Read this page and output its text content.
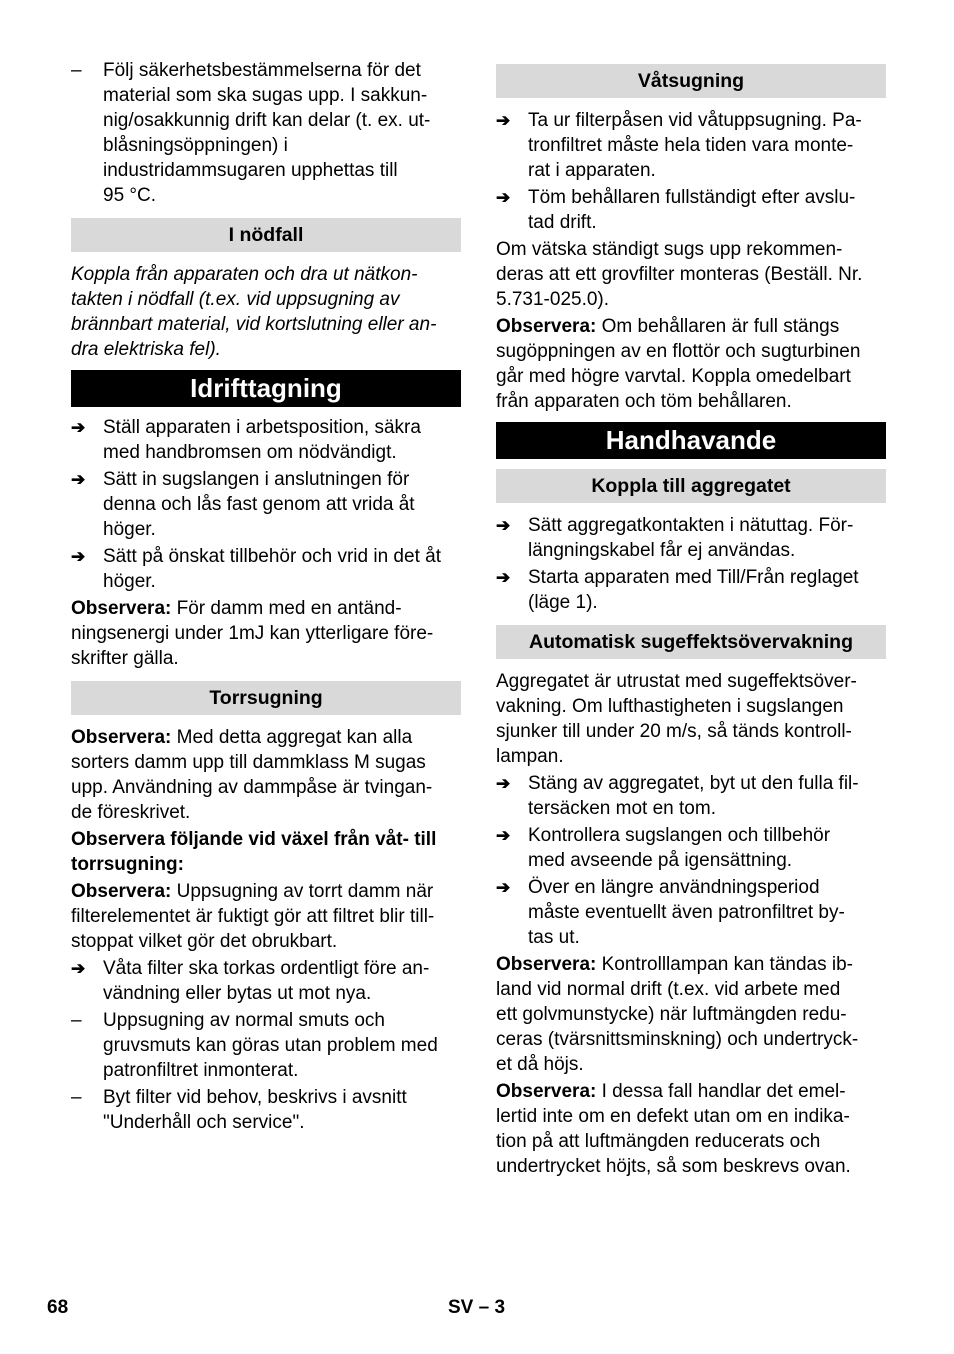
–	Följ säkerhetsbestämmelserna för det
material som ska sugas upp. I sakkun-
nig/osakkunnig drift kan delar (t. ex. ut-
blåsningsöppningen) i
industridammsugaren upphettas till
95 °C.
I nödfall
Koppla från apparaten och dra ut nätkon-
takten i nödfall (t.ex. vid uppsugning av
brännbart material, vid kortslutning eller an-
dra elektriska fel).
Idrifttagning
➔ Ställ apparaten i arbetsposition, säkra
med handbromsen om nödvändigt.
➔ Sätt in sugslangen i anslutningen för
denna och lås fast genom att vrida åt
höger.
➔ Sätt på önskat tillbehör och vrid in det åt
höger.
Observera: För damm med en antänd-
ningsenergi under 1mJ kan ytterligare före-
skrifter gälla.
Torrsugning
Observera: Med detta aggregat kan alla
sorters damm upp till dammklass M sugas
upp. Användning av dammpåse är tvingan-
de föreskrivet.
Observera följande vid växel från våt- till
torrsugning:
Observera: Uppsugning av torrt damm när
filterelementet är fuktigt gör att filtret blir till-
stoppat vilket gör det obrukbart.
➔ Våta filter ska torkas ordentligt före an-
vändning eller bytas ut mot nya.
–	Uppsugning av normal smuts och
gruvsmuts kan göras utan problem med
patronfiltret inmonterat.
–	Byt filter vid behov, beskrivs i avsnitt
"Underhåll och service".
Våtsugning
➔ Ta ur filterpåsen vid våtuppsugning. Pa-
tronfiltret måste hela tiden vara monte-
rat i apparaten.
➔ Töm behållaren fullständigt efter avslu-
tad drift.
Om vätska ständigt sugs upp rekommen-
deras att ett grovfilter monteras (Beställ. Nr.
5.731-025.0).
Observera: Om behållaren är full stängs
sugöppningen av en flottör och sugturbinen
går med högre varvtal. Koppla omedelbart
från apparaten och töm behållaren.
Handhavande
Koppla till aggregatet
➔ Sätt aggregatkontakten i nätuttag. För-
längningskabel får ej användas.
➔ Starta apparaten med Till/Från reglaget
(läge 1).
Automatisk sugeffektsövervakning
Aggregatet är utrustat med sugeffektsöver-
vakning. Om lufthastigheten i sugslangen
sjunker till under 20 m/s, så tänds kontroll-
lampan.
➔ Stäng av aggregatet, byt ut den fulla fil-
tersäcken mot en tom.
➔ Kontrollera sugslangen och tillbehör
med avseende på igensättning.
➔ Över en längre användningsperiod
måste eventuellt även patronfiltret by-
tas ut.
Observera: Kontrolllampan kan tändas ib-
land vid normal drift (t.ex. vid arbete med
ett golvmunstycke) när luftmängden redu-
ceras (tvärsnittsminskning) och undertryck-
et då höjs.
Observera: I dessa fall handlar det emel-
lertid inte om en defekt utan om en indika-
tion på att luftmängden reducerats och
undertrycket höjts, så som beskrevs ovan.
68	SV – 3
